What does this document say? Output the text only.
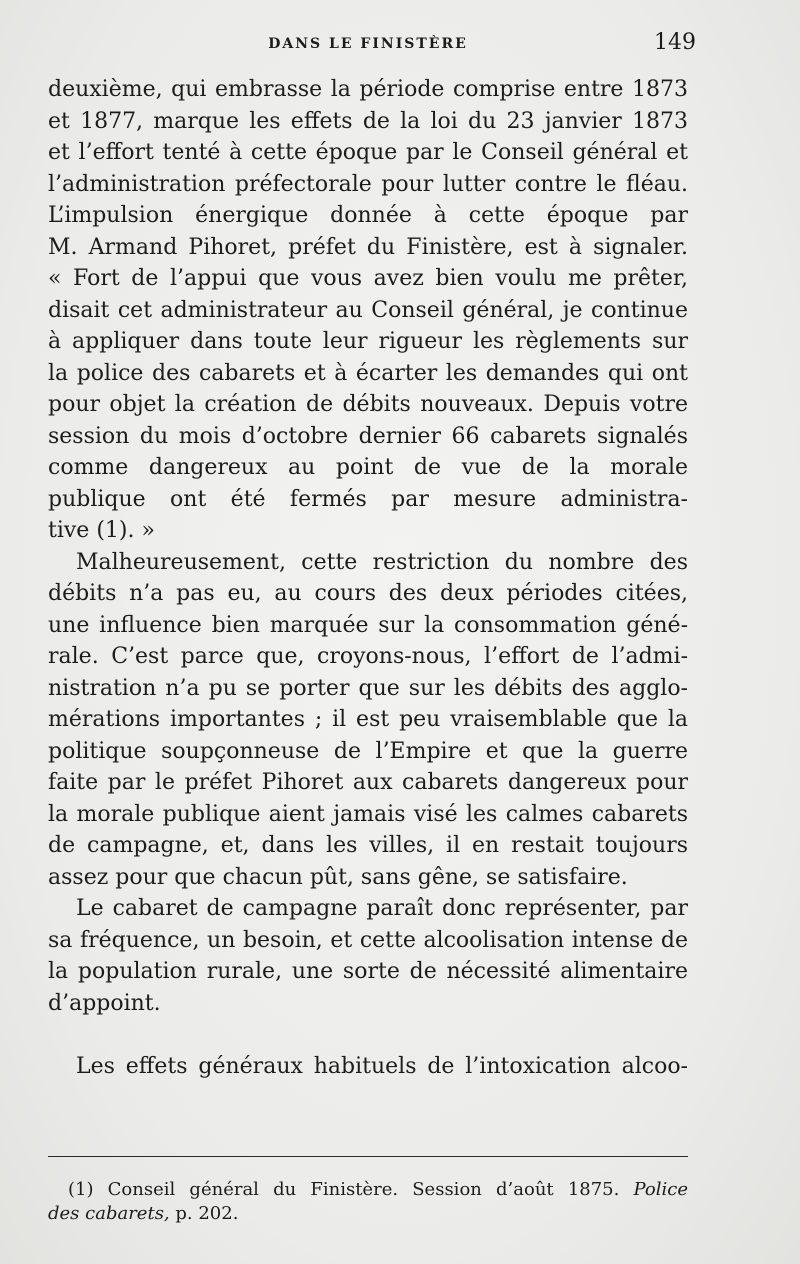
DANS LE FINISTÈRE	149
deuxième, qui embrasse la période comprise entre 1873
et 1877, marque les effets de la loi du 23 janvier 1873
et l’effort tenté à cette époque par le Conseil général et
l’administration préfectorale pour lutter contre le fléau.
L’impulsion énergique donnée à cette époque par
M. Armand Pihoret, préfet du Finistère, est à signaler.
« Fort de l’appui que vous avez bien voulu me prêter,
disait cet administrateur au Conseil général, je continue
à appliquer dans toute leur rigueur les règlements sur
la police des cabarets et à écarter les demandes qui ont
pour objet la création de débits nouveaux. Depuis votre
session du mois d’octobre dernier 66 cabarets signalés
comme dangereux au point de vue de la morale
publique ont été fermés par mesure administra-
tive (1). »
Malheureusement, cette restriction du nombre des
débits n’a pas eu, au cours des deux périodes citées,
une influence bien marquée sur la consommation géné-
rale. C’est parce que, croyons-nous, l’effort de l’admi-
nistration n’a pu se porter que sur les débits des agglo-
mérations importantes ; il est peu vraisemblable que la
politique soupçonneuse de l’Empire et que la guerre
faite par le préfet Pihoret aux cabarets dangereux pour
la morale publique aient jamais visé les calmes cabarets
de campagne, et, dans les villes, il en restait toujours
assez pour que chacun pût, sans gêne, se satisfaire.
Le cabaret de campagne paraît donc représenter, par
sa fréquence, un besoin, et cette alcoolisation intense de
la population rurale, une sorte de nécessité alimentaire
d’appoint.
Les effets généraux habituels de l’intoxication alcoo-
(1) Conseil général du Finistère. Session d’août 1875. Police
des cabarets, p. 202.
